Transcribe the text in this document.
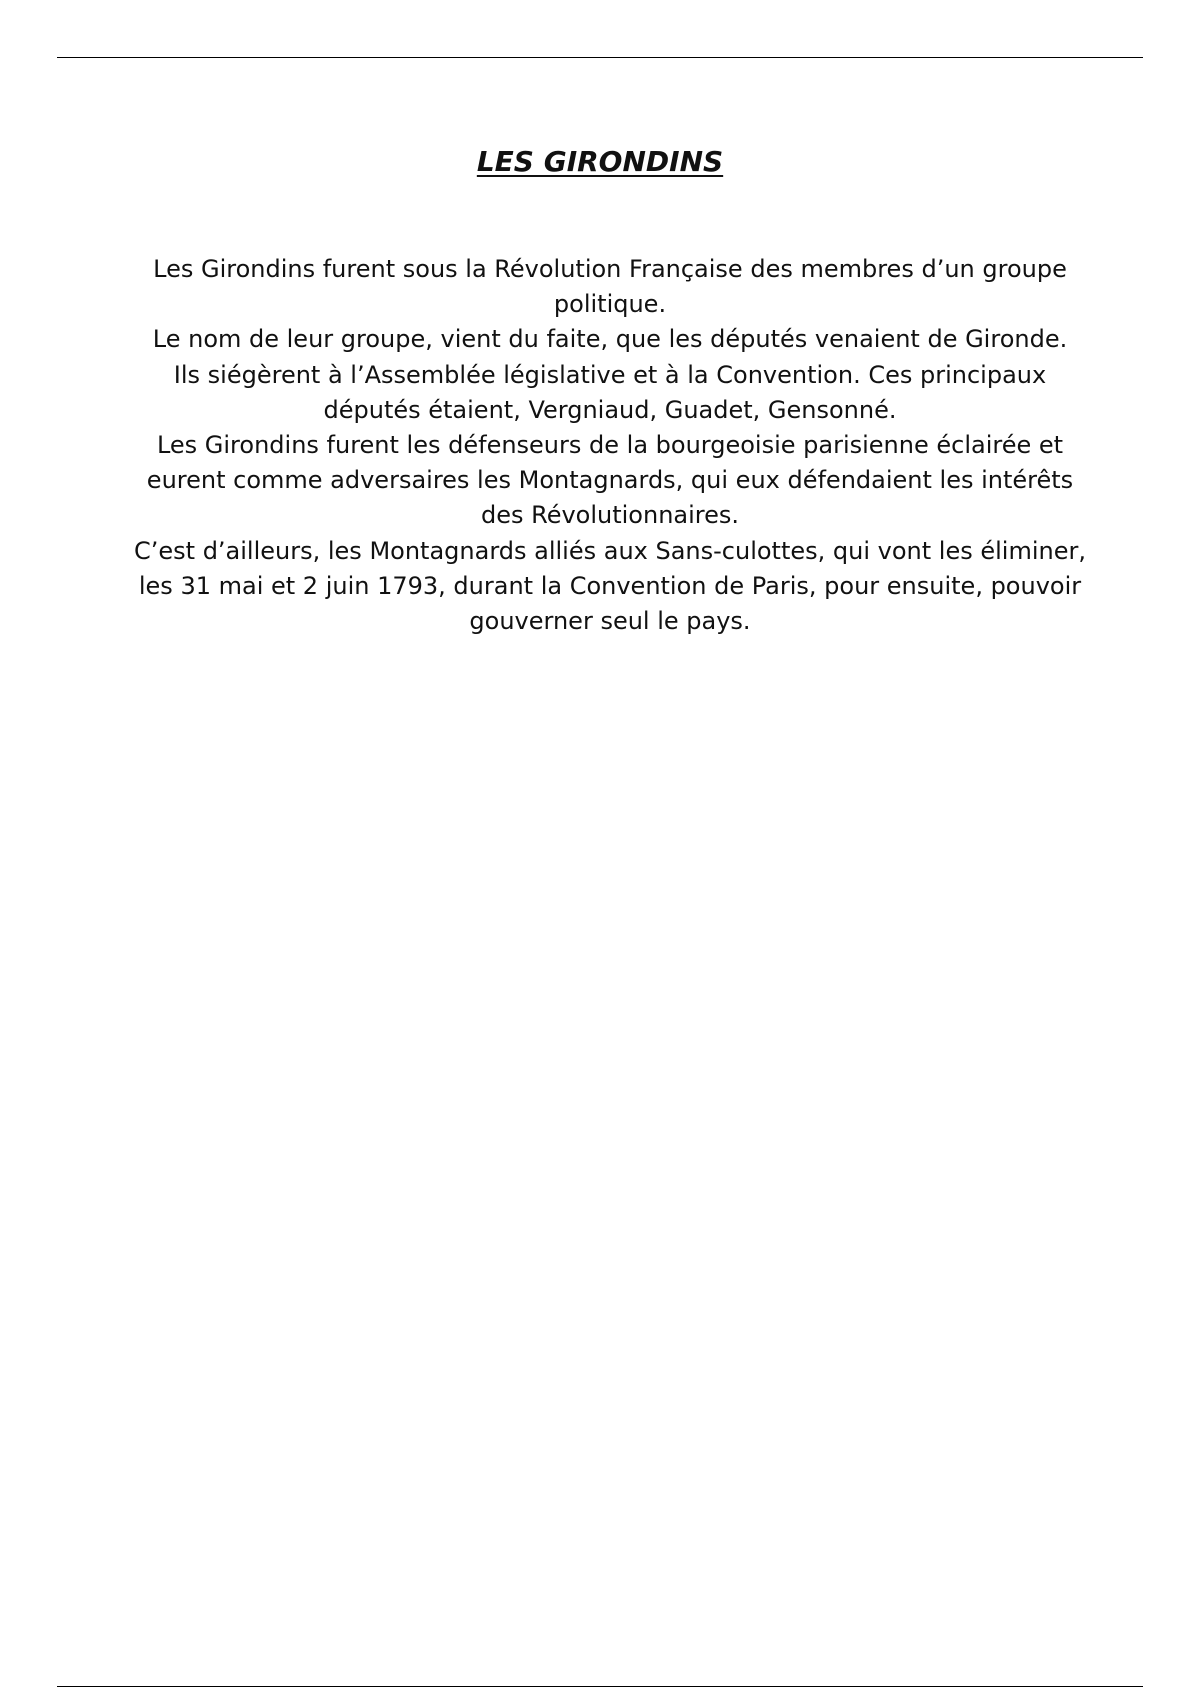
LES GIRONDINS

Les Girondins furent sous la Révolution Française des membres d’un groupe politique.

Le nom de leur groupe, vient du faite, que les députés venaient de Gironde.

Ils siégèrent à l’Assemblée législative et à la Convention. Ces principaux députés étaient, Vergniaud, Guadet, Gensonné.

Les Girondins furent les défenseurs de la bourgeoisie parisienne éclairée et eurent comme adversaires les Montagnards, qui eux défendaient les intérêts des Révolutionnaires.

C’est d’ailleurs, les Montagnards alliés aux Sans-culottes, qui vont les éliminer, les 31 mai et 2 juin 1793, durant la Convention de Paris, pour ensuite, pouvoir gouverner seul le pays.
